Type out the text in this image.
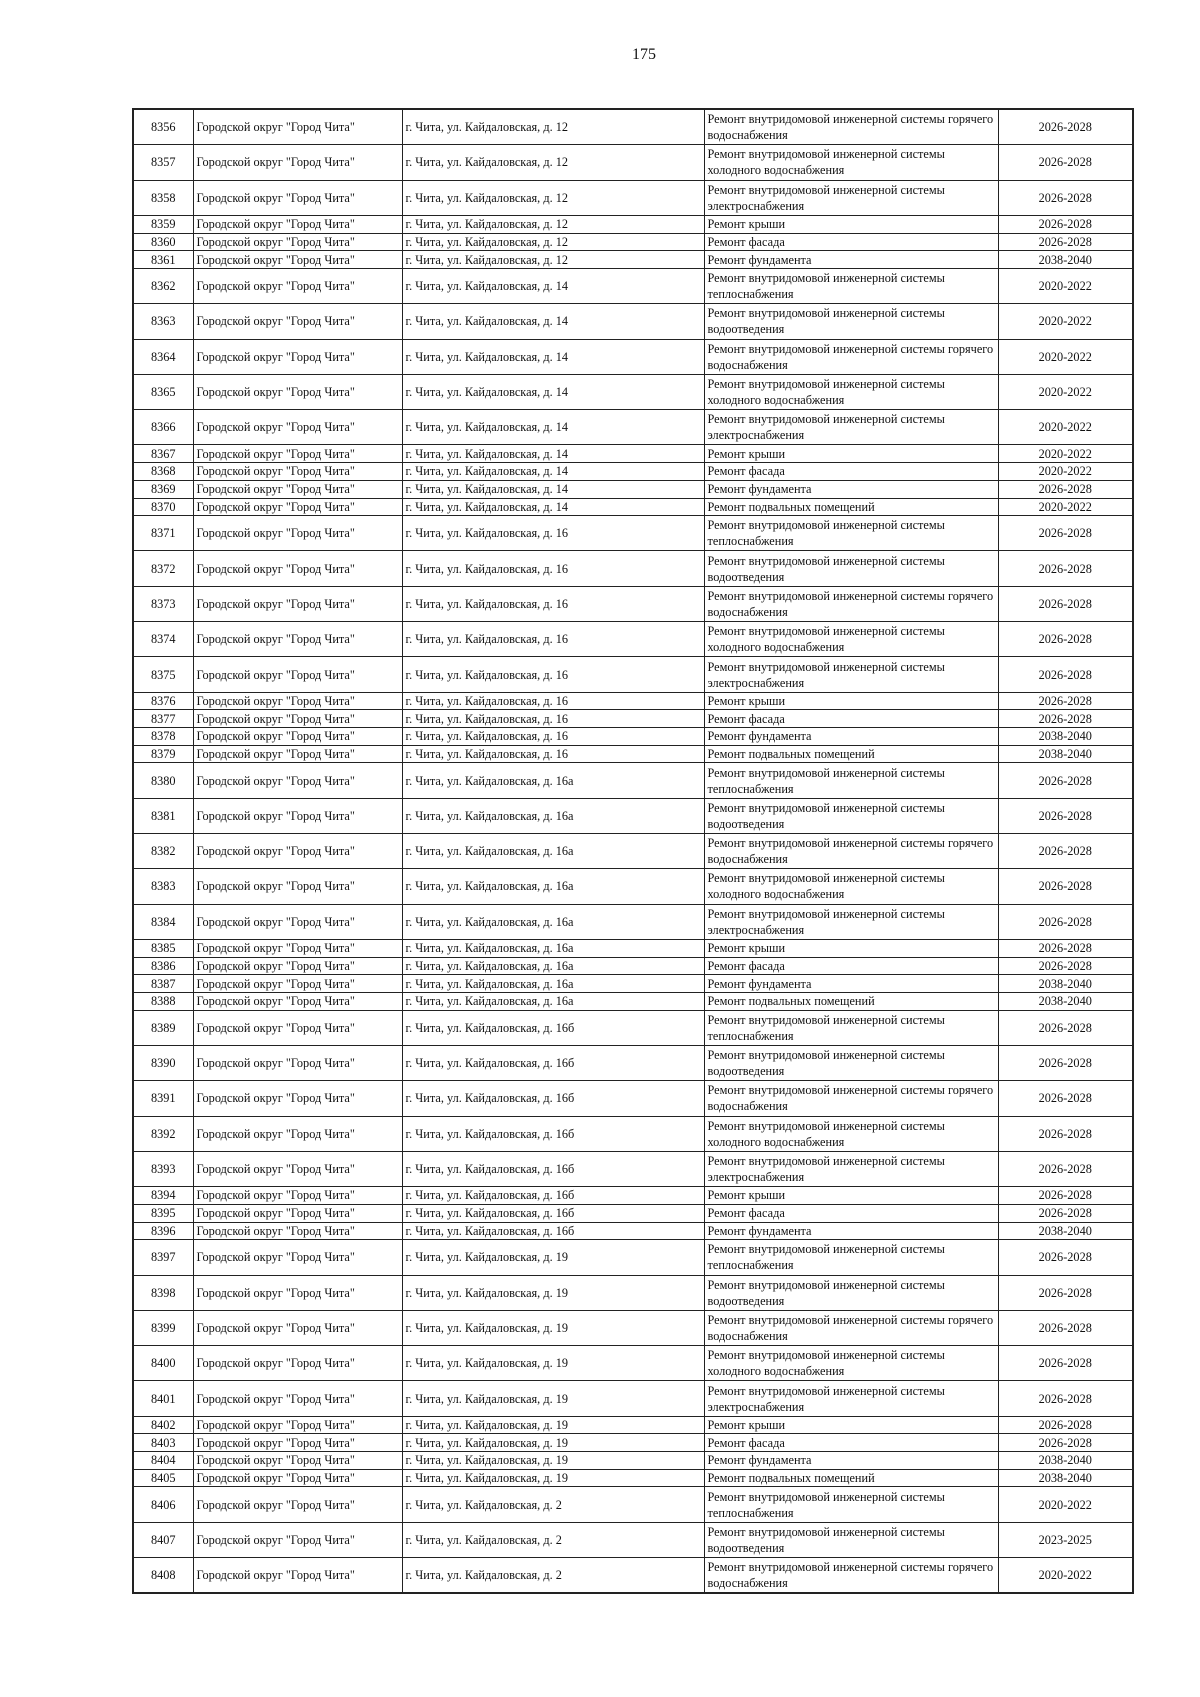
175
8356	Городской округ "Город Чита"	г. Чита, ул. Кайдаловская, д. 12	Ремонт внутридомовой инженерной системы горячего водоснабжения	2026-2028
8357	Городской округ "Город Чита"	г. Чита, ул. Кайдаловская, д. 12	Ремонт внутридомовой инженерной системы холодного водоснабжения	2026-2028
8358	Городской округ "Город Чита"	г. Чита, ул. Кайдаловская, д. 12	Ремонт внутридомовой инженерной системы электроснабжения	2026-2028
8359	Городской округ "Город Чита"	г. Чита, ул. Кайдаловская, д. 12	Ремонт крыши	2026-2028
8360	Городской округ "Город Чита"	г. Чита, ул. Кайдаловская, д. 12	Ремонт фасада	2026-2028
8361	Городской округ "Город Чита"	г. Чита, ул. Кайдаловская, д. 12	Ремонт фундамента	2038-2040
8362	Городской округ "Город Чита"	г. Чита, ул. Кайдаловская, д. 14	Ремонт внутридомовой инженерной системы теплоснабжения	2020-2022
8363	Городской округ "Город Чита"	г. Чита, ул. Кайдаловская, д. 14	Ремонт внутридомовой инженерной системы водоотведения	2020-2022
8364	Городской округ "Город Чита"	г. Чита, ул. Кайдаловская, д. 14	Ремонт внутридомовой инженерной системы горячего водоснабжения	2020-2022
8365	Городской округ "Город Чита"	г. Чита, ул. Кайдаловская, д. 14	Ремонт внутридомовой инженерной системы холодного водоснабжения	2020-2022
8366	Городской округ "Город Чита"	г. Чита, ул. Кайдаловская, д. 14	Ремонт внутридомовой инженерной системы электроснабжения	2020-2022
8367	Городской округ "Город Чита"	г. Чита, ул. Кайдаловская, д. 14	Ремонт крыши	2020-2022
8368	Городской округ "Город Чита"	г. Чита, ул. Кайдаловская, д. 14	Ремонт фасада	2020-2022
8369	Городской округ "Город Чита"	г. Чита, ул. Кайдаловская, д. 14	Ремонт фундамента	2026-2028
8370	Городской округ "Город Чита"	г. Чита, ул. Кайдаловская, д. 14	Ремонт подвальных помещений	2020-2022
8371	Городской округ "Город Чита"	г. Чита, ул. Кайдаловская, д. 16	Ремонт внутридомовой инженерной системы теплоснабжения	2026-2028
8372	Городской округ "Город Чита"	г. Чита, ул. Кайдаловская, д. 16	Ремонт внутридомовой инженерной системы водоотведения	2026-2028
8373	Городской округ "Город Чита"	г. Чита, ул. Кайдаловская, д. 16	Ремонт внутридомовой инженерной системы горячего водоснабжения	2026-2028
8374	Городской округ "Город Чита"	г. Чита, ул. Кайдаловская, д. 16	Ремонт внутридомовой инженерной системы холодного водоснабжения	2026-2028
8375	Городской округ "Город Чита"	г. Чита, ул. Кайдаловская, д. 16	Ремонт внутридомовой инженерной системы электроснабжения	2026-2028
8376	Городской округ "Город Чита"	г. Чита, ул. Кайдаловская, д. 16	Ремонт крыши	2026-2028
8377	Городской округ "Город Чита"	г. Чита, ул. Кайдаловская, д. 16	Ремонт фасада	2026-2028
8378	Городской округ "Город Чита"	г. Чита, ул. Кайдаловская, д. 16	Ремонт фундамента	2038-2040
8379	Городской округ "Город Чита"	г. Чита, ул. Кайдаловская, д. 16	Ремонт подвальных помещений	2038-2040
8380	Городской округ "Город Чита"	г. Чита, ул. Кайдаловская, д. 16а	Ремонт внутридомовой инженерной системы теплоснабжения	2026-2028
8381	Городской округ "Город Чита"	г. Чита, ул. Кайдаловская, д. 16а	Ремонт внутридомовой инженерной системы водоотведения	2026-2028
8382	Городской округ "Город Чита"	г. Чита, ул. Кайдаловская, д. 16а	Ремонт внутридомовой инженерной системы горячего водоснабжения	2026-2028
8383	Городской округ "Город Чита"	г. Чита, ул. Кайдаловская, д. 16а	Ремонт внутридомовой инженерной системы холодного водоснабжения	2026-2028
8384	Городской округ "Город Чита"	г. Чита, ул. Кайдаловская, д. 16а	Ремонт внутридомовой инженерной системы электроснабжения	2026-2028
8385	Городской округ "Город Чита"	г. Чита, ул. Кайдаловская, д. 16а	Ремонт крыши	2026-2028
8386	Городской округ "Город Чита"	г. Чита, ул. Кайдаловская, д. 16а	Ремонт фасада	2026-2028
8387	Городской округ "Город Чита"	г. Чита, ул. Кайдаловская, д. 16а	Ремонт фундамента	2038-2040
8388	Городской округ "Город Чита"	г. Чита, ул. Кайдаловская, д. 16а	Ремонт подвальных помещений	2038-2040
8389	Городской округ "Город Чита"	г. Чита, ул. Кайдаловская, д. 16б	Ремонт внутридомовой инженерной системы теплоснабжения	2026-2028
8390	Городской округ "Город Чита"	г. Чита, ул. Кайдаловская, д. 16б	Ремонт внутридомовой инженерной системы водоотведения	2026-2028
8391	Городской округ "Город Чита"	г. Чита, ул. Кайдаловская, д. 16б	Ремонт внутридомовой инженерной системы горячего водоснабжения	2026-2028
8392	Городской округ "Город Чита"	г. Чита, ул. Кайдаловская, д. 16б	Ремонт внутридомовой инженерной системы холодного водоснабжения	2026-2028
8393	Городской округ "Город Чита"	г. Чита, ул. Кайдаловская, д. 16б	Ремонт внутридомовой инженерной системы электроснабжения	2026-2028
8394	Городской округ "Город Чита"	г. Чита, ул. Кайдаловская, д. 16б	Ремонт крыши	2026-2028
8395	Городской округ "Город Чита"	г. Чита, ул. Кайдаловская, д. 16б	Ремонт фасада	2026-2028
8396	Городской округ "Город Чита"	г. Чита, ул. Кайдаловская, д. 16б	Ремонт фундамента	2038-2040
8397	Городской округ "Город Чита"	г. Чита, ул. Кайдаловская, д. 19	Ремонт внутридомовой инженерной системы теплоснабжения	2026-2028
8398	Городской округ "Город Чита"	г. Чита, ул. Кайдаловская, д. 19	Ремонт внутридомовой инженерной системы водоотведения	2026-2028
8399	Городской округ "Город Чита"	г. Чита, ул. Кайдаловская, д. 19	Ремонт внутридомовой инженерной системы горячего водоснабжения	2026-2028
8400	Городской округ "Город Чита"	г. Чита, ул. Кайдаловская, д. 19	Ремонт внутридомовой инженерной системы холодного водоснабжения	2026-2028
8401	Городской округ "Город Чита"	г. Чита, ул. Кайдаловская, д. 19	Ремонт внутридомовой инженерной системы электроснабжения	2026-2028
8402	Городской округ "Город Чита"	г. Чита, ул. Кайдаловская, д. 19	Ремонт крыши	2026-2028
8403	Городской округ "Город Чита"	г. Чита, ул. Кайдаловская, д. 19	Ремонт фасада	2026-2028
8404	Городской округ "Город Чита"	г. Чита, ул. Кайдаловская, д. 19	Ремонт фундамента	2038-2040
8405	Городской округ "Город Чита"	г. Чита, ул. Кайдаловская, д. 19	Ремонт подвальных помещений	2038-2040
8406	Городской округ "Город Чита"	г. Чита, ул. Кайдаловская, д. 2	Ремонт внутридомовой инженерной системы теплоснабжения	2020-2022
8407	Городской округ "Город Чита"	г. Чита, ул. Кайдаловская, д. 2	Ремонт внутридомовой инженерной системы водоотведения	2023-2025
8408	Городской округ "Город Чита"	г. Чита, ул. Кайдаловская, д. 2	Ремонт внутридомовой инженерной системы горячего водоснабжения	2020-2022
